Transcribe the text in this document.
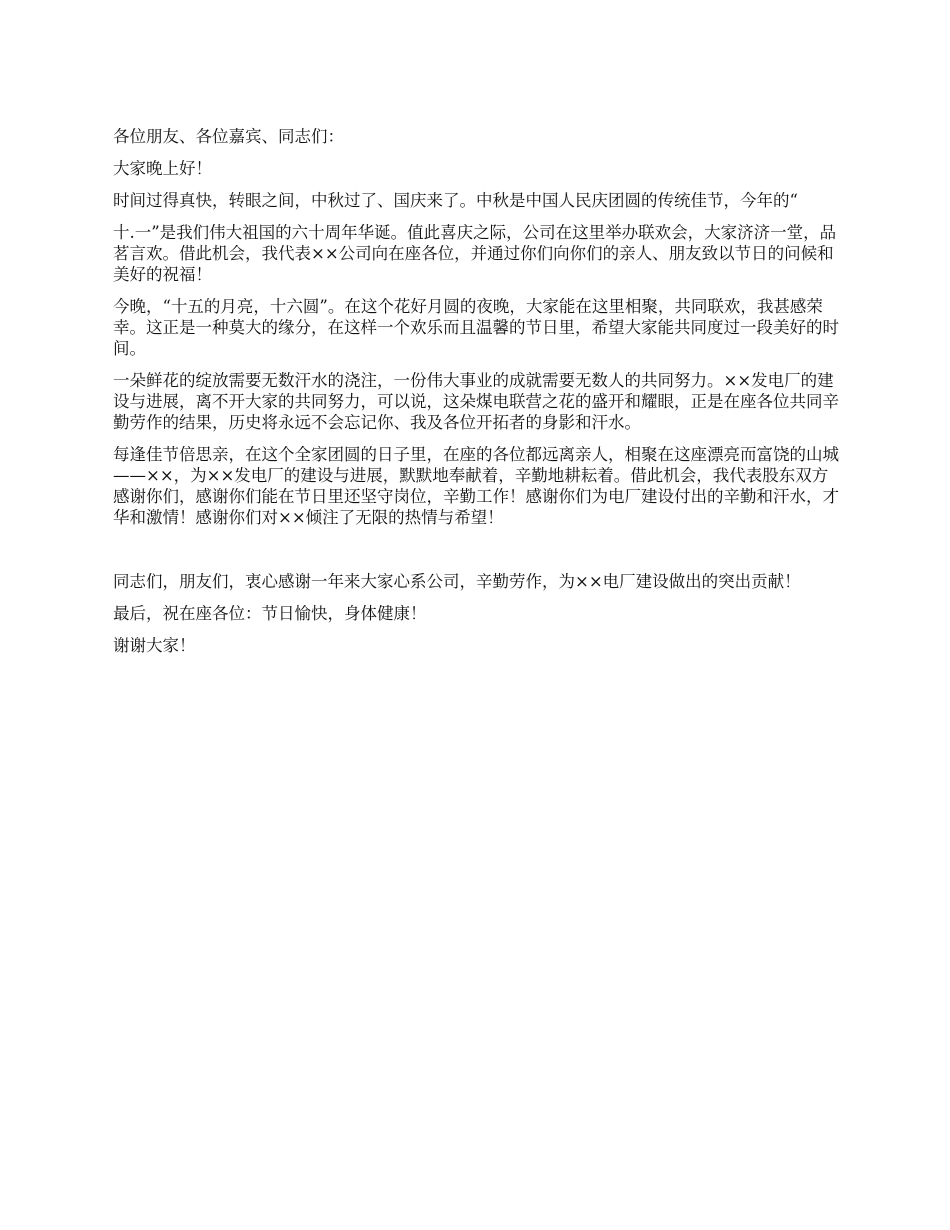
各位朋友、各位嘉宾、同志们：

大家晚上好！

时间过得真快，转眼之间，中秋过了、国庆来了。中秋是中国人民庆团圆的传统佳节，今年的“

十.一”是我们伟大祖国的六十周年华诞。值此喜庆之际，公司在这里举办联欢会，大家济济一堂，品茗言欢。借此机会，我代表××公司向在座各位，并通过你们向你们的亲人、朋友致以节日的问候和美好的祝福！

今晚，“十五的月亮，十六圆”。在这个花好月圆的夜晚，大家能在这里相聚，共同联欢，我甚感荣幸。这正是一种莫大的缘分，在这样一个欢乐而且温馨的节日里，希望大家能共同度过一段美好的时间。

一朵鲜花的绽放需要无数汗水的浇注，一份伟大事业的成就需要无数人的共同努力。××发电厂的建设与进展，离不开大家的共同努力，可以说，这朵煤电联营之花的盛开和耀眼，正是在座各位共同辛勤劳作的结果，历史将永远不会忘记你、我及各位开拓者的身影和汗水。

每逢佳节倍思亲，在这个全家团圆的日子里，在座的各位都远离亲人，相聚在这座漂亮而富饶的山城——××，为××发电厂的建设与进展，默默地奉献着，辛勤地耕耘着。借此机会，我代表股东双方感谢你们，感谢你们能在节日里还坚守岗位，辛勤工作！感谢你们为电厂建设付出的辛勤和汗水，才华和激情！感谢你们对××倾注了无限的热情与希望！

同志们，朋友们，衷心感谢一年来大家心系公司，辛勤劳作，为××电厂建设做出的突出贡献！

最后，祝在座各位：节日愉快，身体健康！

谢谢大家！
